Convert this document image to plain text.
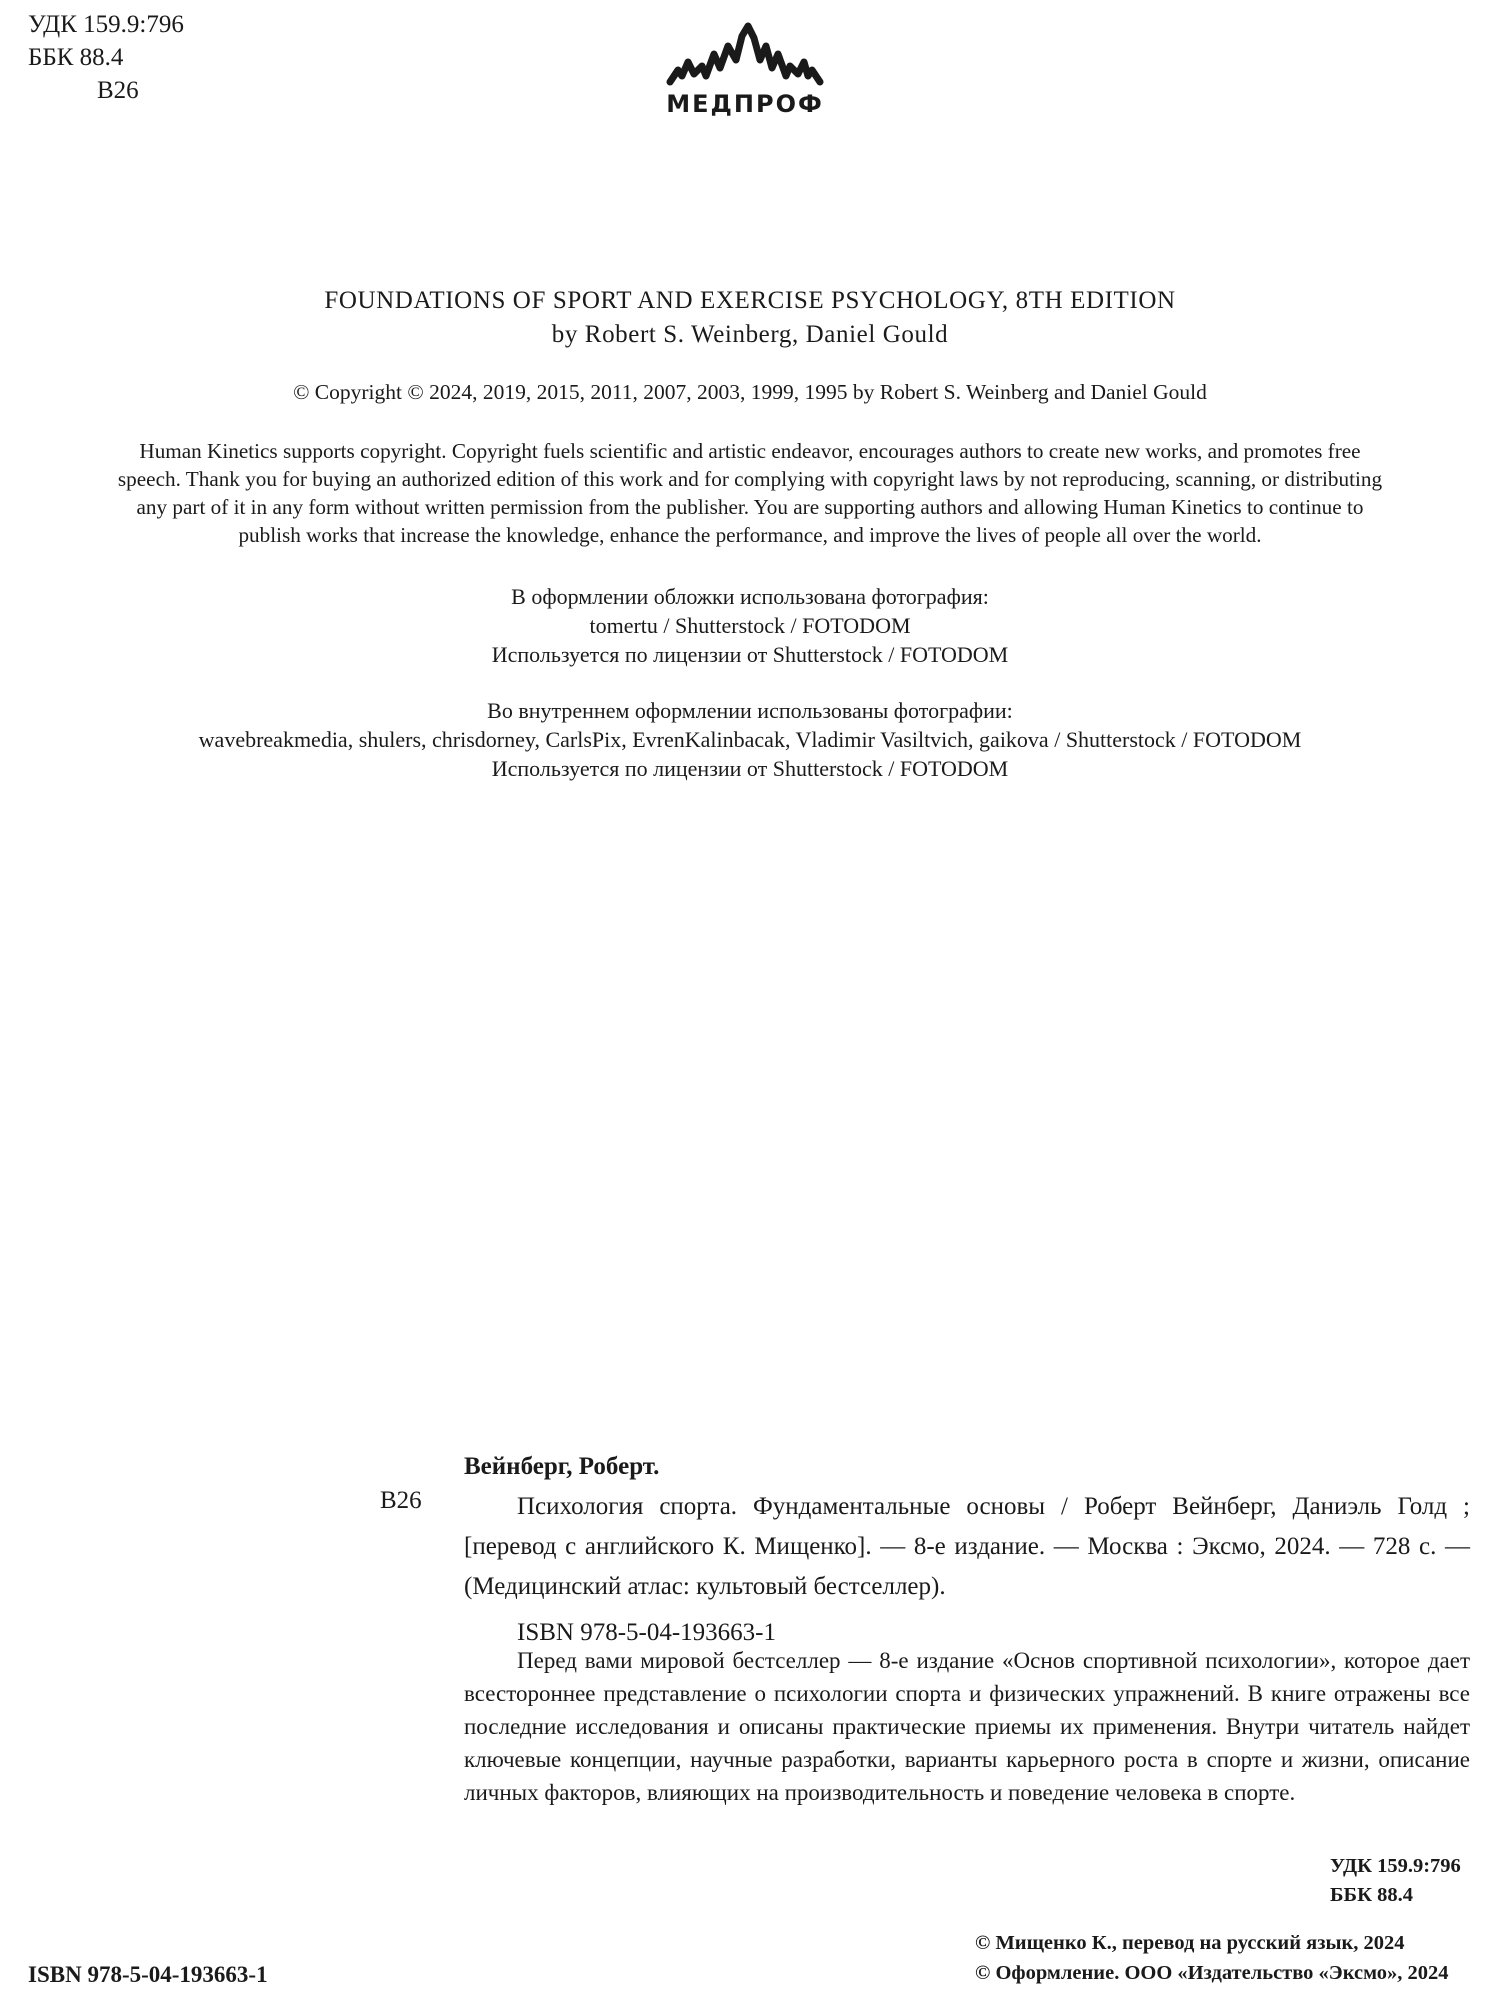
УДК 159.9:796
ББК 88.4
В26	МЕДПРОФ
FOUNDATIONS OF SPORT AND EXERCISE PSYCHOLOGY, 8TH EDITION
by Robert S. Weinberg, Daniel Gould
© Copyright © 2024, 2019, 2015, 2011, 2007, 2003, 1999, 1995 by Robert S. Weinberg and Daniel Gould
Human Kinetics supports copyright. Copyright fuels scientific and artistic endeavor, encourages authors to create new works, and promotes free
speech. Thank you for buying an authorized edition of this work and for complying with copyright laws by not reproducing, scanning, or distributing
any part of it in any form without written permission from the publisher. You are supporting authors and allowing Human Kinetics to continue to
publish works that increase the knowledge, enhance the performance, and improve the lives of people all over the world.
В оформлении обложки использована фотография:
tomertu / Shutterstock / FOTODOM
Используется по лицензии от Shutterstock / FOTODOM
Во внутреннем оформлении использованы фотографии:
wavebreakmedia, shulers, chrisdorney, CarlsPix, EvrenKalinbacak, Vladimir Vasiltvich, gaikova / Shutterstock / FOTODOM
Используется по лицензии от Shutterstock / FOTODOM
В26
Вейнберг, Роберт.
Психология спорта. Фундаментальные основы / Роберт Вейнберг, Даниэль Голд ; [перевод с английского К. Мищенко]. — 8-е издание. — Москва : Эксмо, 2024. — 728 с. — (Медицинский атлас: культовый бестселлер).
ISBN 978-5-04-193663-1
Перед вами мировой бестселлер — 8-е издание «Основ спортивной психологии», которое дает всестороннее представление о психологии спорта и физических упражнений. В книге отражены все последние исследования и описаны практические приемы их применения. Внутри читатель найдет ключевые концепции, научные разработки, варианты карьерного роста в спорте и жизни, описание личных факторов, влияющих на производительность и поведение человека в спорте.
УДК 159.9:796
ББК 88.4
ISBN 978-5-04-193663-1
© Мищенко К., перевод на русский язык, 2024
© Оформление. ООО «Издательство «Эксмо», 2024
